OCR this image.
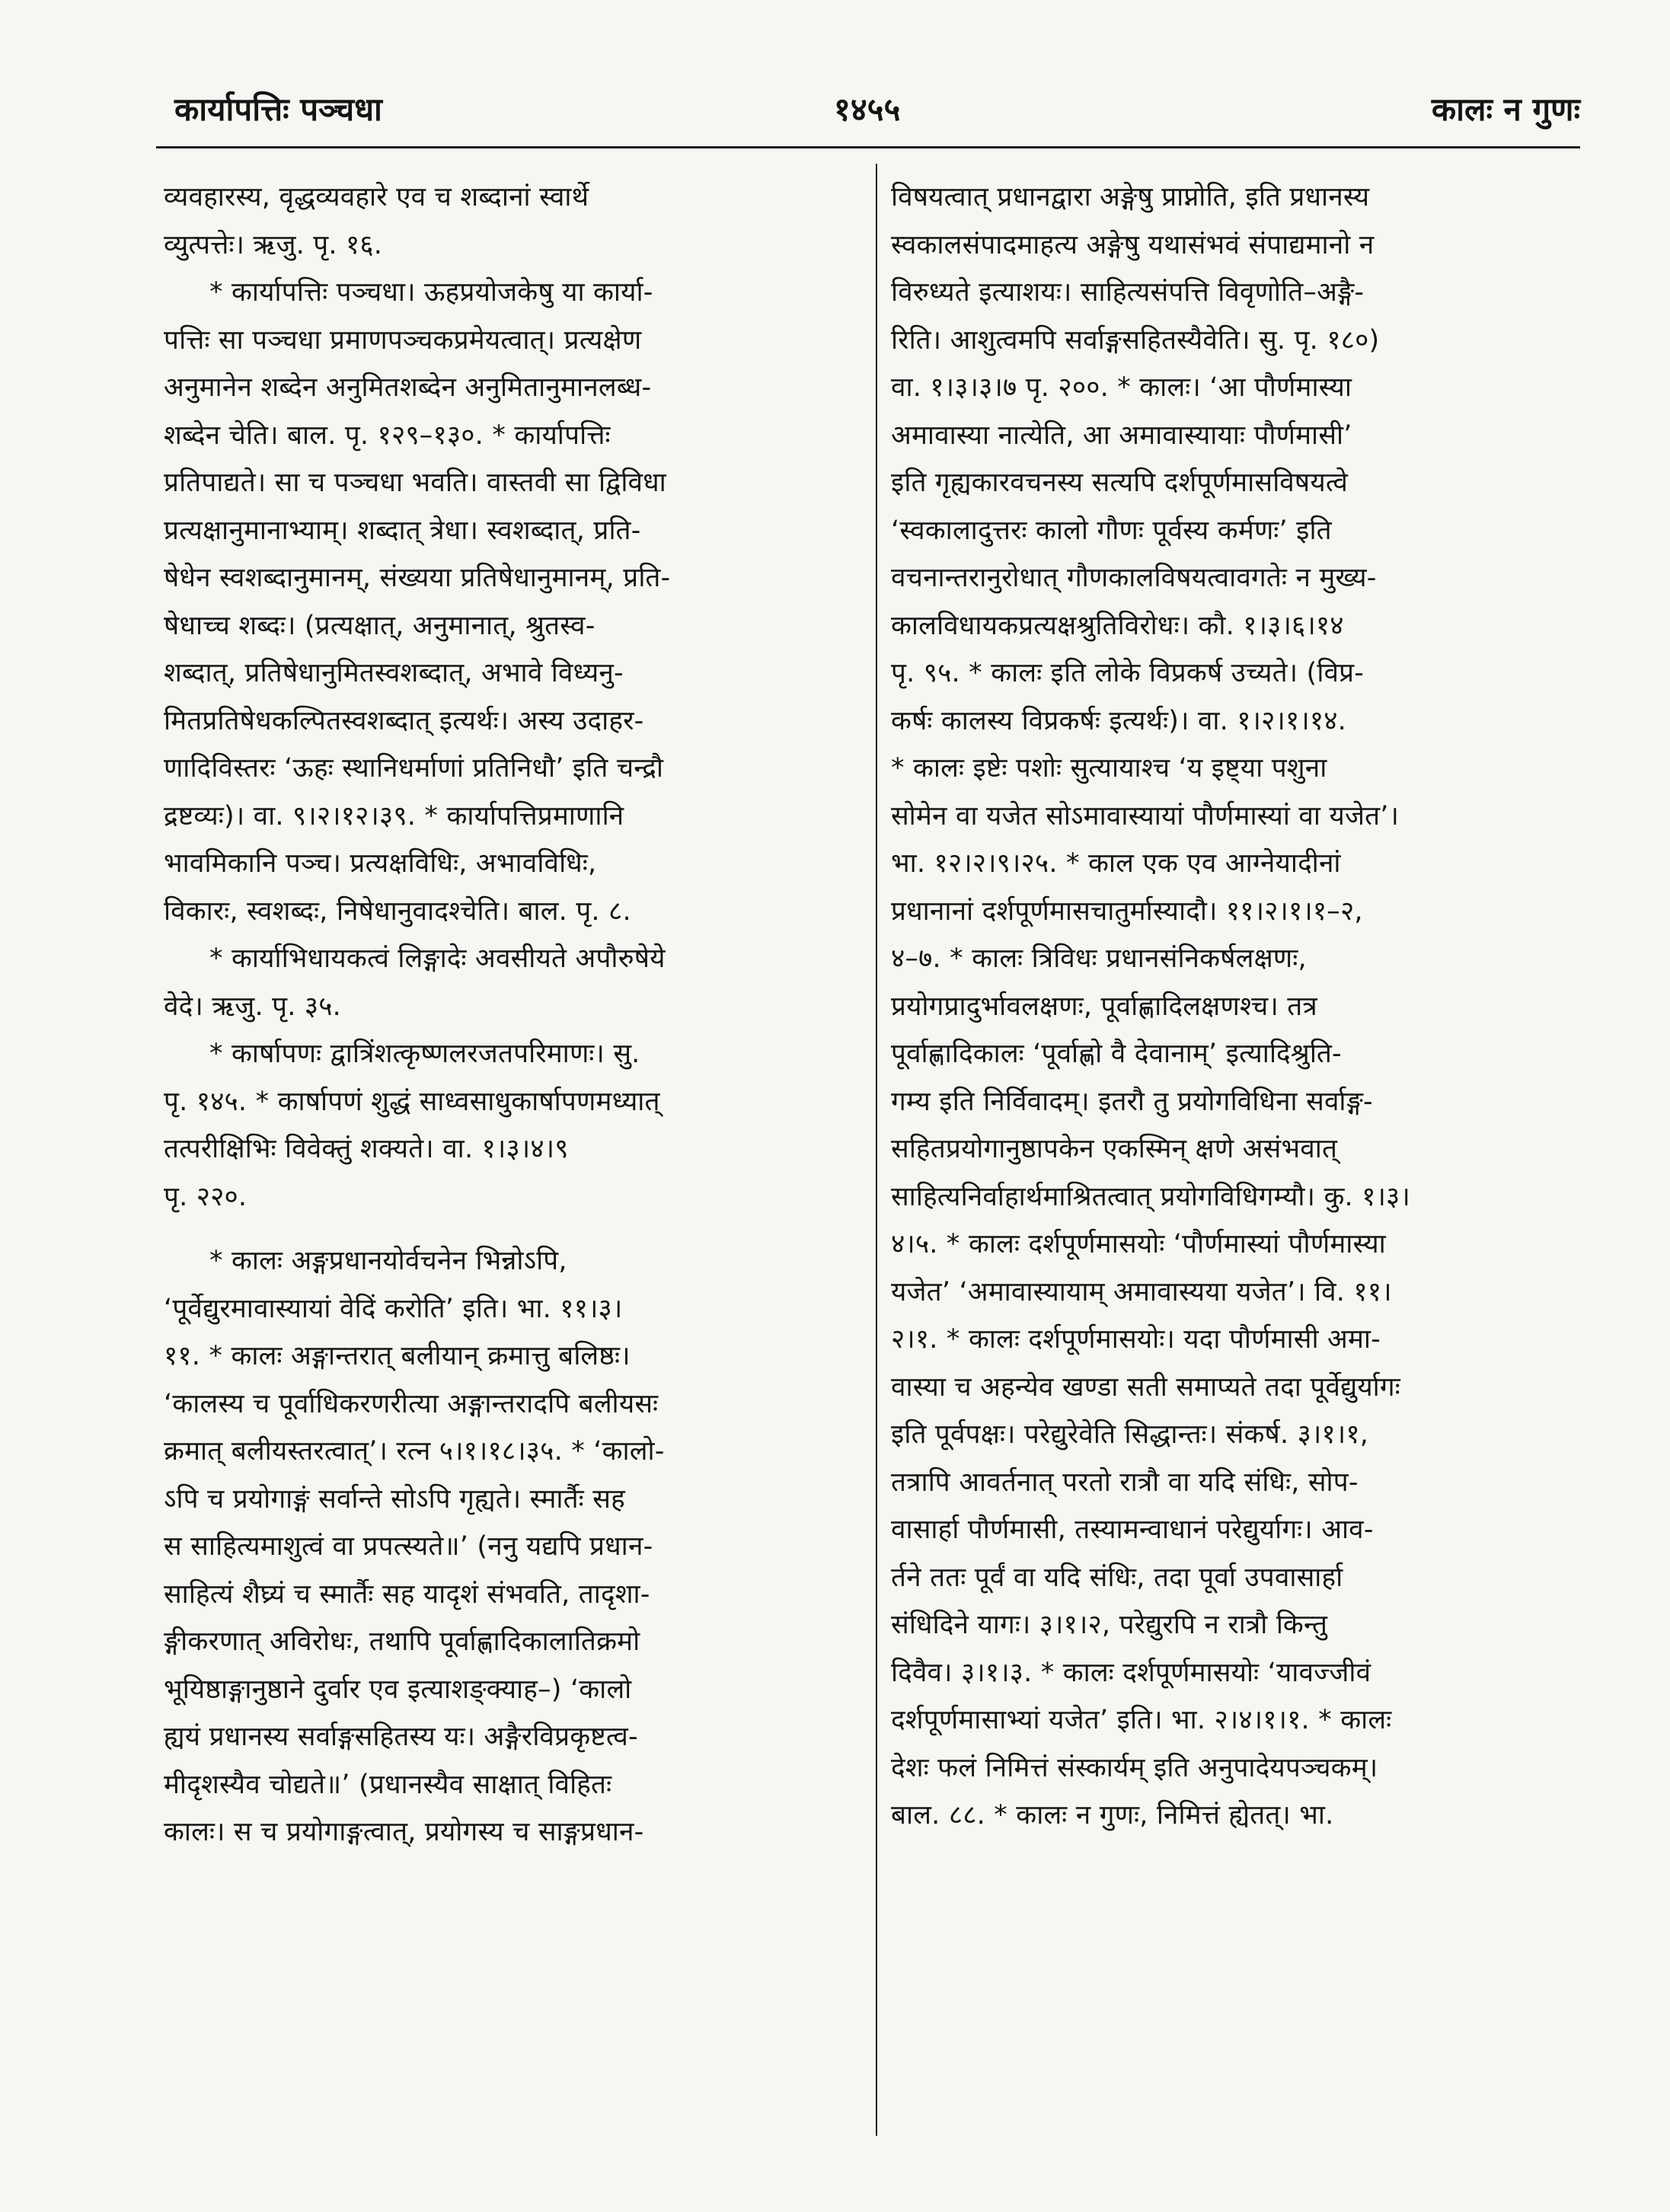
कार्यापत्तिः पञ्चधा	१४५५	कालः न गुणः
व्यवहारस्य, वृद्धव्यवहारे एव च शब्दानां स्वार्थे
व्युत्पत्तेः। ऋजु. पृ. १६.
* कार्यापत्तिः पञ्चधा। ऊहप्रयोजकेषु या कार्या-
पत्तिः सा पञ्चधा प्रमाणपञ्चकप्रमेयत्वात्। प्रत्यक्षेण
अनुमानेन शब्देन अनुमितशब्देन अनुमितानुमानलब्ध-
शब्देन चेति। बाल. पृ. १२९–१३०. * कार्यापत्तिः
प्रतिपाद्यते। सा च पञ्चधा भवति। वास्तवी सा द्विविधा
प्रत्यक्षानुमानाभ्याम्। शब्दात् त्रेधा। स्वशब्दात्, प्रति-
षेधेन स्वशब्दानुमानम्, संख्यया प्रतिषेधानुमानम्, प्रति-
षेधाच्च शब्दः। (प्रत्यक्षात्, अनुमानात्, श्रुतस्व-
शब्दात्, प्रतिषेधानुमितस्वशब्दात्, अभावे विध्यनु-
मितप्रतिषेधकल्पितस्वशब्दात् इत्यर्थः। अस्य उदाहर-
णादिविस्तरः ‘ऊहः स्थानिधर्माणां प्रतिनिधौ’ इति चन्द्रौ
द्रष्टव्यः)। वा. ९।२।१२।३९. * कार्यापत्तिप्रमाणानि
भावमिकानि पञ्च। प्रत्यक्षविधिः, अभावविधिः,
विकारः, स्वशब्दः, निषेधानुवादश्चेति। बाल. पृ. ८.
* कार्याभिधायकत्वं लिङ्गादेः अवसीयते अपौरुषेये
वेदे। ऋजु. पृ. ३५.
* कार्षापणः द्वात्रिंशत्कृष्णलरजतपरिमाणः। सु.
पृ. १४५. * कार्षापणं शुद्धं साध्वसाधुकार्षापणमध्यात्
तत्परीक्षिभिः विवेक्तुं शक्यते। वा. १।३।४।९
पृ. २२०.
* कालः अङ्गप्रधानयोर्वचनेन भिन्नोऽपि,
‘पूर्वेद्युरमावास्यायां वेदिं करोति’ इति। भा. ११।३।
११. * कालः अङ्गान्तरात् बलीयान् क्रमात्तु बलिष्ठः।
‘कालस्य च पूर्वाधिकरणरीत्या अङ्गान्तरादपि बलीयसः
क्रमात् बलीयस्तरत्वात्’। रत्न ५।१।१८।३५. * ‘कालो-
ऽपि च प्रयोगाङ्गं सर्वान्ते सोऽपि गृह्यते। स्मार्तैः सह
स साहित्यमाशुत्वं वा प्रपत्स्यते॥’ (ननु यद्यपि प्रधान-
साहित्यं शैघ्र्यं च स्मार्तैः सह यादृशं संभवति, तादृशा-
ङ्गीकरणात् अविरोधः, तथापि पूर्वाह्णादिकालातिक्रमो
भूयिष्ठाङ्गानुष्ठाने दुर्वार एव इत्याशङ्क्याह–) ‘कालो
ह्ययं प्रधानस्य सर्वाङ्गसहितस्य यः। अङ्गैरविप्रकृष्टत्व-
मीदृशस्यैव चोद्यते॥’ (प्रधानस्यैव साक्षात् विहितः
कालः। स च प्रयोगाङ्गत्वात्, प्रयोगस्य च साङ्गप्रधान-
विषयत्वात् प्रधानद्वारा अङ्गेषु प्राप्नोति, इति प्रधानस्य
स्वकालसंपादमाहत्य अङ्गेषु यथासंभवं संपाद्यमानो न
विरुध्यते इत्याशयः। साहित्यसंपत्ति विवृणोति–अङ्गै-
रिति। आशुत्वमपि सर्वाङ्गसहितस्यैवेति। सु. पृ. १८०)
वा. १।३।३।७ पृ. २००. * कालः। ‘आ पौर्णमास्या
अमावास्या नात्येति, आ अमावास्यायाः पौर्णमासी’
इति गृह्यकारवचनस्य सत्यपि दर्शपूर्णमासविषयत्वे
‘स्वकालादुत्तरः कालो गौणः पूर्वस्य कर्मणः’ इति
वचनान्तरानुरोधात् गौणकालविषयत्वावगतेः न मुख्य-
कालविधायकप्रत्यक्षश्रुतिविरोधः। कौ. १।३।६।१४
पृ. ९५. * कालः इति लोके विप्रकर्ष उच्यते। (विप्र-
कर्षः कालस्य विप्रकर्षः इत्यर्थः)। वा. १।२।१।१४.
* कालः इष्टेः पशोः सुत्यायाश्च ‘य इष्ट्या पशुना
सोमेन वा यजेत सोऽमावास्यायां पौर्णमास्यां वा यजेत’।
भा. १२।२।९।२५. * काल एक एव आग्नेयादीनां
प्रधानानां दर्शपूर्णमासचातुर्मास्यादौ। ११।२।१।१–२,
४–७. * कालः त्रिविधः प्रधानसंनिकर्षलक्षणः,
प्रयोगप्रादुर्भावलक्षणः, पूर्वाह्णादिलक्षणश्च। तत्र
पूर्वाह्णादिकालः ‘पूर्वाह्णो वै देवानाम्’ इत्यादिश्रुति-
गम्य इति निर्विवादम्। इतरौ तु प्रयोगविधिना सर्वाङ्ग-
सहितप्रयोगानुष्ठापकेन एकस्मिन् क्षणे असंभवात्
साहित्यनिर्वाहार्थमाश्रितत्वात् प्रयोगविधिगम्यौ। कु. १।३।
४।५. * कालः दर्शपूर्णमासयोः ‘पौर्णमास्यां पौर्णमास्या
यजेत’ ‘अमावास्यायाम् अमावास्यया यजेत’। वि. ११।
२।१. * कालः दर्शपूर्णमासयोः। यदा पौर्णमासी अमा-
वास्या च अहन्येव खण्डा सती समाप्यते तदा पूर्वेद्युर्यागः
इति पूर्वपक्षः। परेद्युरेवेति सिद्धान्तः। संकर्ष. ३।१।१,
तत्रापि आवर्तनात् परतो रात्रौ वा यदि संधिः, सोप-
वासार्हा पौर्णमासी, तस्यामन्वाधानं परेद्युर्यागः। आव-
र्तने ततः पूर्वं वा यदि संधिः, तदा पूर्वा उपवासार्हा
संधिदिने यागः। ३।१।२, परेद्युरपि न रात्रौ किन्तु
दिवैव। ३।१।३. * कालः दर्शपूर्णमासयोः ‘यावज्जीवं
दर्शपूर्णमासाभ्यां यजेत’ इति। भा. २।४।१।१. * कालः
देशः फलं निमित्तं संस्कार्यम् इति अनुपादेयपञ्चकम्।
बाल. ८८. * कालः न गुणः, निमित्तं ह्येतत्। भा.
